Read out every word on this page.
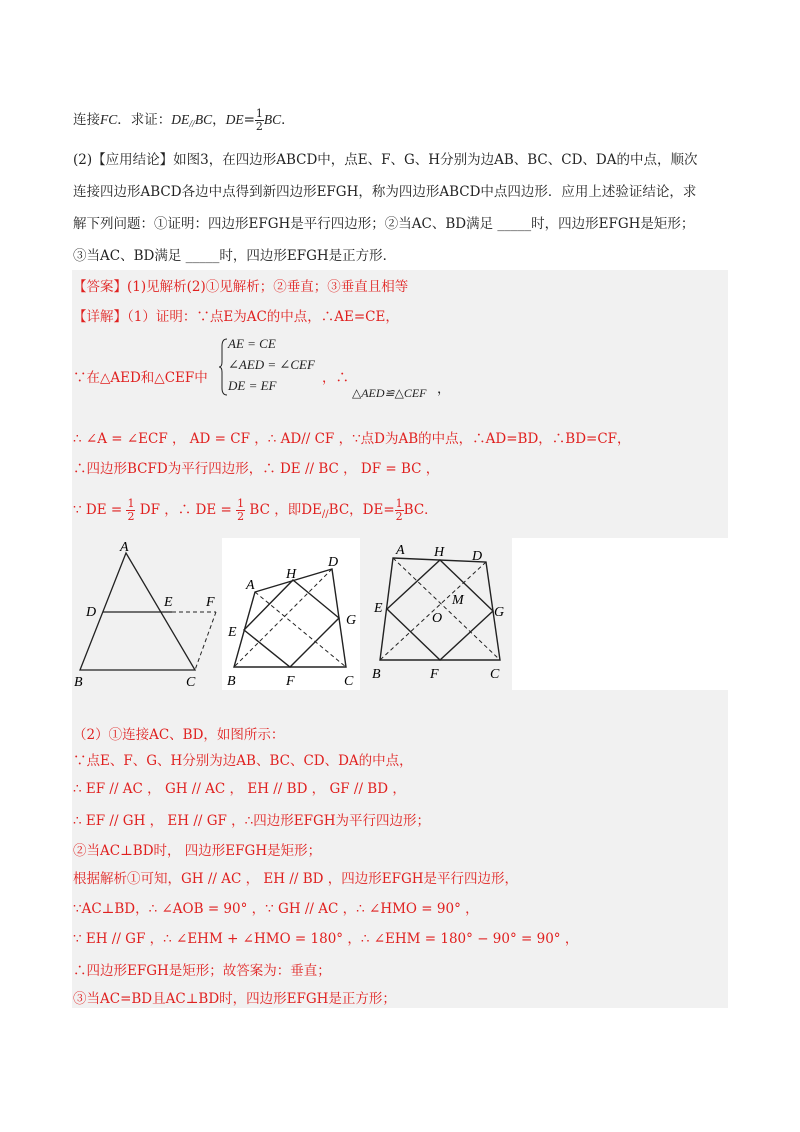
连接FC．求证：$DE_{//}BC$，$DE= \frac{1}{2}$ BC．
(2)【应用结论】如图3，在四边形ABCD中，点E、F、G、H分别为边AB、BC、CD、DA的中点，顺次
连接四边形ABCD各边中点得到新四边形EFGH，称为四边形ABCD中点四边形．应用上述验证结论，求
解下列问题：①证明：四边形EFGH是平行四边形；②当AC、BD满足 _____时，四边形EFGH是矩形；
③当AC、BD满足 _____时，四边形EFGH是正方形．
【答案】(1)见解析(2)①见解析；②垂直；③垂直且相等
【详解】（1）证明：∵点E为AC的中点，∴AE=CE，
∵在△AED和△CEF中
AE = CE
∠AED = ∠CEF
DE = EF	，∴
△AED≌△CEF ，
∴ ∠A = ∠ECF ， AD = CF ，∴ AD// CF ，∵点D为AB的中点，∴AD=BD，∴BD=CF，
∴四边形BCFD为平行四边形，∴ DE // BC ， DF = BC ，
∵ DE = $\frac{1}{2}$ DF ，∴ DE = $\frac{1}{2}$ BC ，即$DE_{//}BC$，$DE= \frac{1}{2}$ BC．
A
D
E F
B	C
A
H
D
E
G
B	F	C
A H D
E
M
O	G
B	F	C
（2）①连接AC、BD，如图所示：
∵点E、F、G、H分别为边AB、BC、CD、DA的中点，
∴ EF // AC ， GH // AC ， EH // BD ， GF // BD ，
∴ EF // GH ， EH // GF ，∴四边形EFGH为平行四边形；
②当AC⊥BD时， 四边形EFGH是矩形；
根据解析①可知，GH // AC ， EH // BD ，四边形EFGH是平行四边形，
∵AC⊥BD，∴ ∠AOB = 90° ，∵ GH // AC ，∴ ∠HMO = 90° ，
∵ EH // GF ，∴ ∠EHM + ∠HMO = 180° ，∴ ∠EHM = 180° − 90° = 90° ，
∴四边形EFGH是矩形；故答案为：垂直；
③当AC=BD且AC⊥BD时，四边形EFGH是正方形；
